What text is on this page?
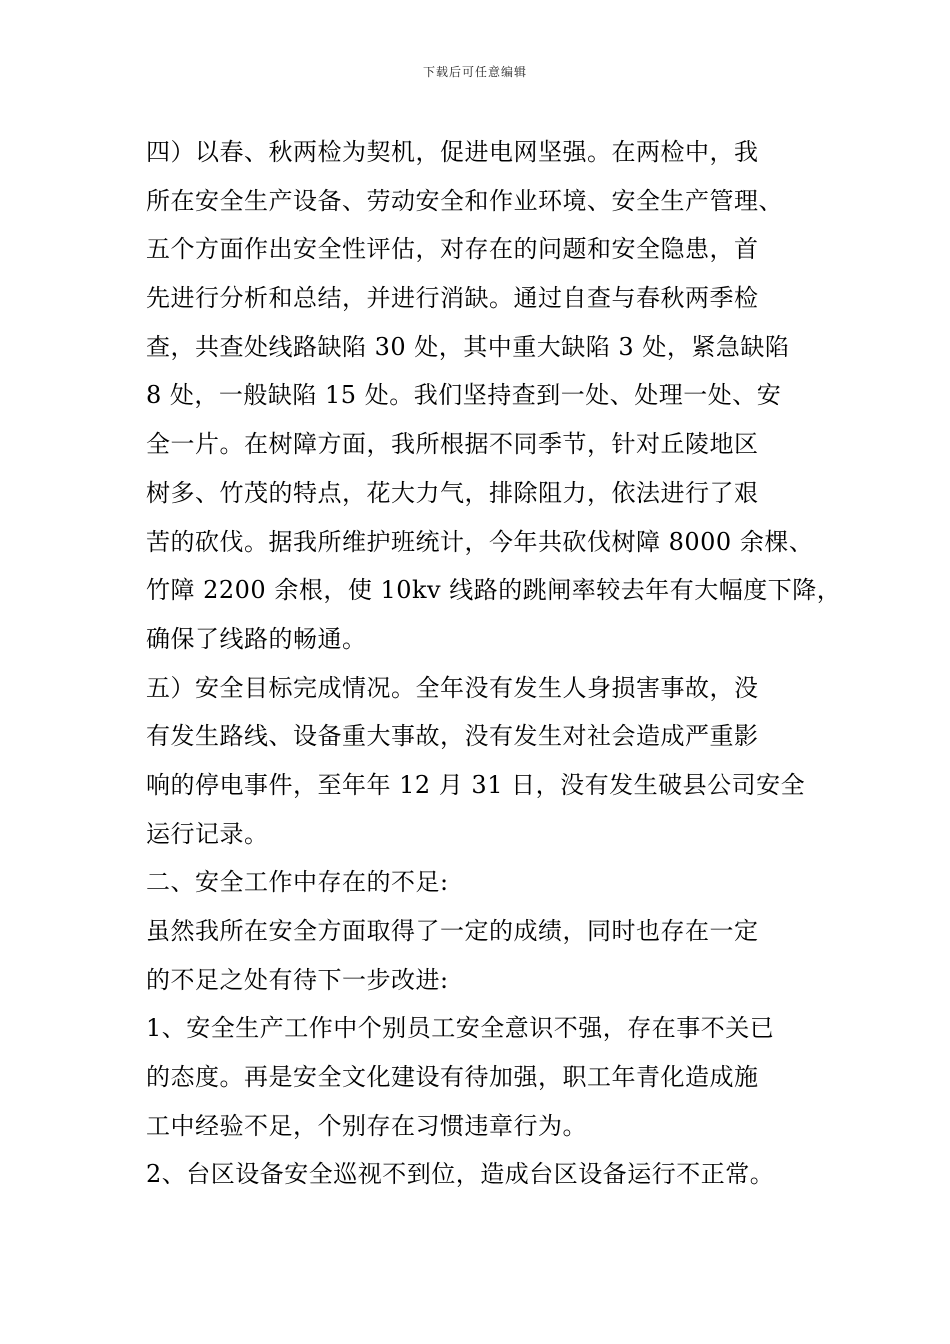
下载后可任意编辑
四）以春、秋两检为契机，促进电网坚强。在两检中，我
所在安全生产设备、劳动安全和作业环境、安全生产管理、
五个方面作出安全性评估，对存在的问题和安全隐患，首
先进行分析和总结，并进行消缺。通过自查与春秋两季检
查，共查处线路缺陷 30 处，其中重大缺陷 3 处，紧急缺陷
8 处，一般缺陷 15 处。我们坚持查到一处、处理一处、安
全一片。在树障方面，我所根据不同季节，针对丘陵地区
树多、竹茂的特点，花大力气，排除阻力，依法进行了艰
苦的砍伐。据我所维护班统计，今年共砍伐树障 8000 余棵、
竹障 2200 余根，使 10kv 线路的跳闸率较去年有大幅度下降，
确保了线路的畅通。
五）安全目标完成情况。全年没有发生人身损害事故，没
有发生路线、设备重大事故，没有发生对社会造成严重影
响的停电事件，至年年 12 月 31 日，没有发生破县公司安全
运行记录。
二、安全工作中存在的不足:
虽然我所在安全方面取得了一定的成绩，同时也存在一定
的不足之处有待下一步改进:
1、安全生产工作中个别员工安全意识不强，存在事不关已
的态度。再是安全文化建设有待加强，职工年青化造成施
工中经验不足，个别存在习惯违章行为。
2、台区设备安全巡视不到位，造成台区设备运行不正常。
